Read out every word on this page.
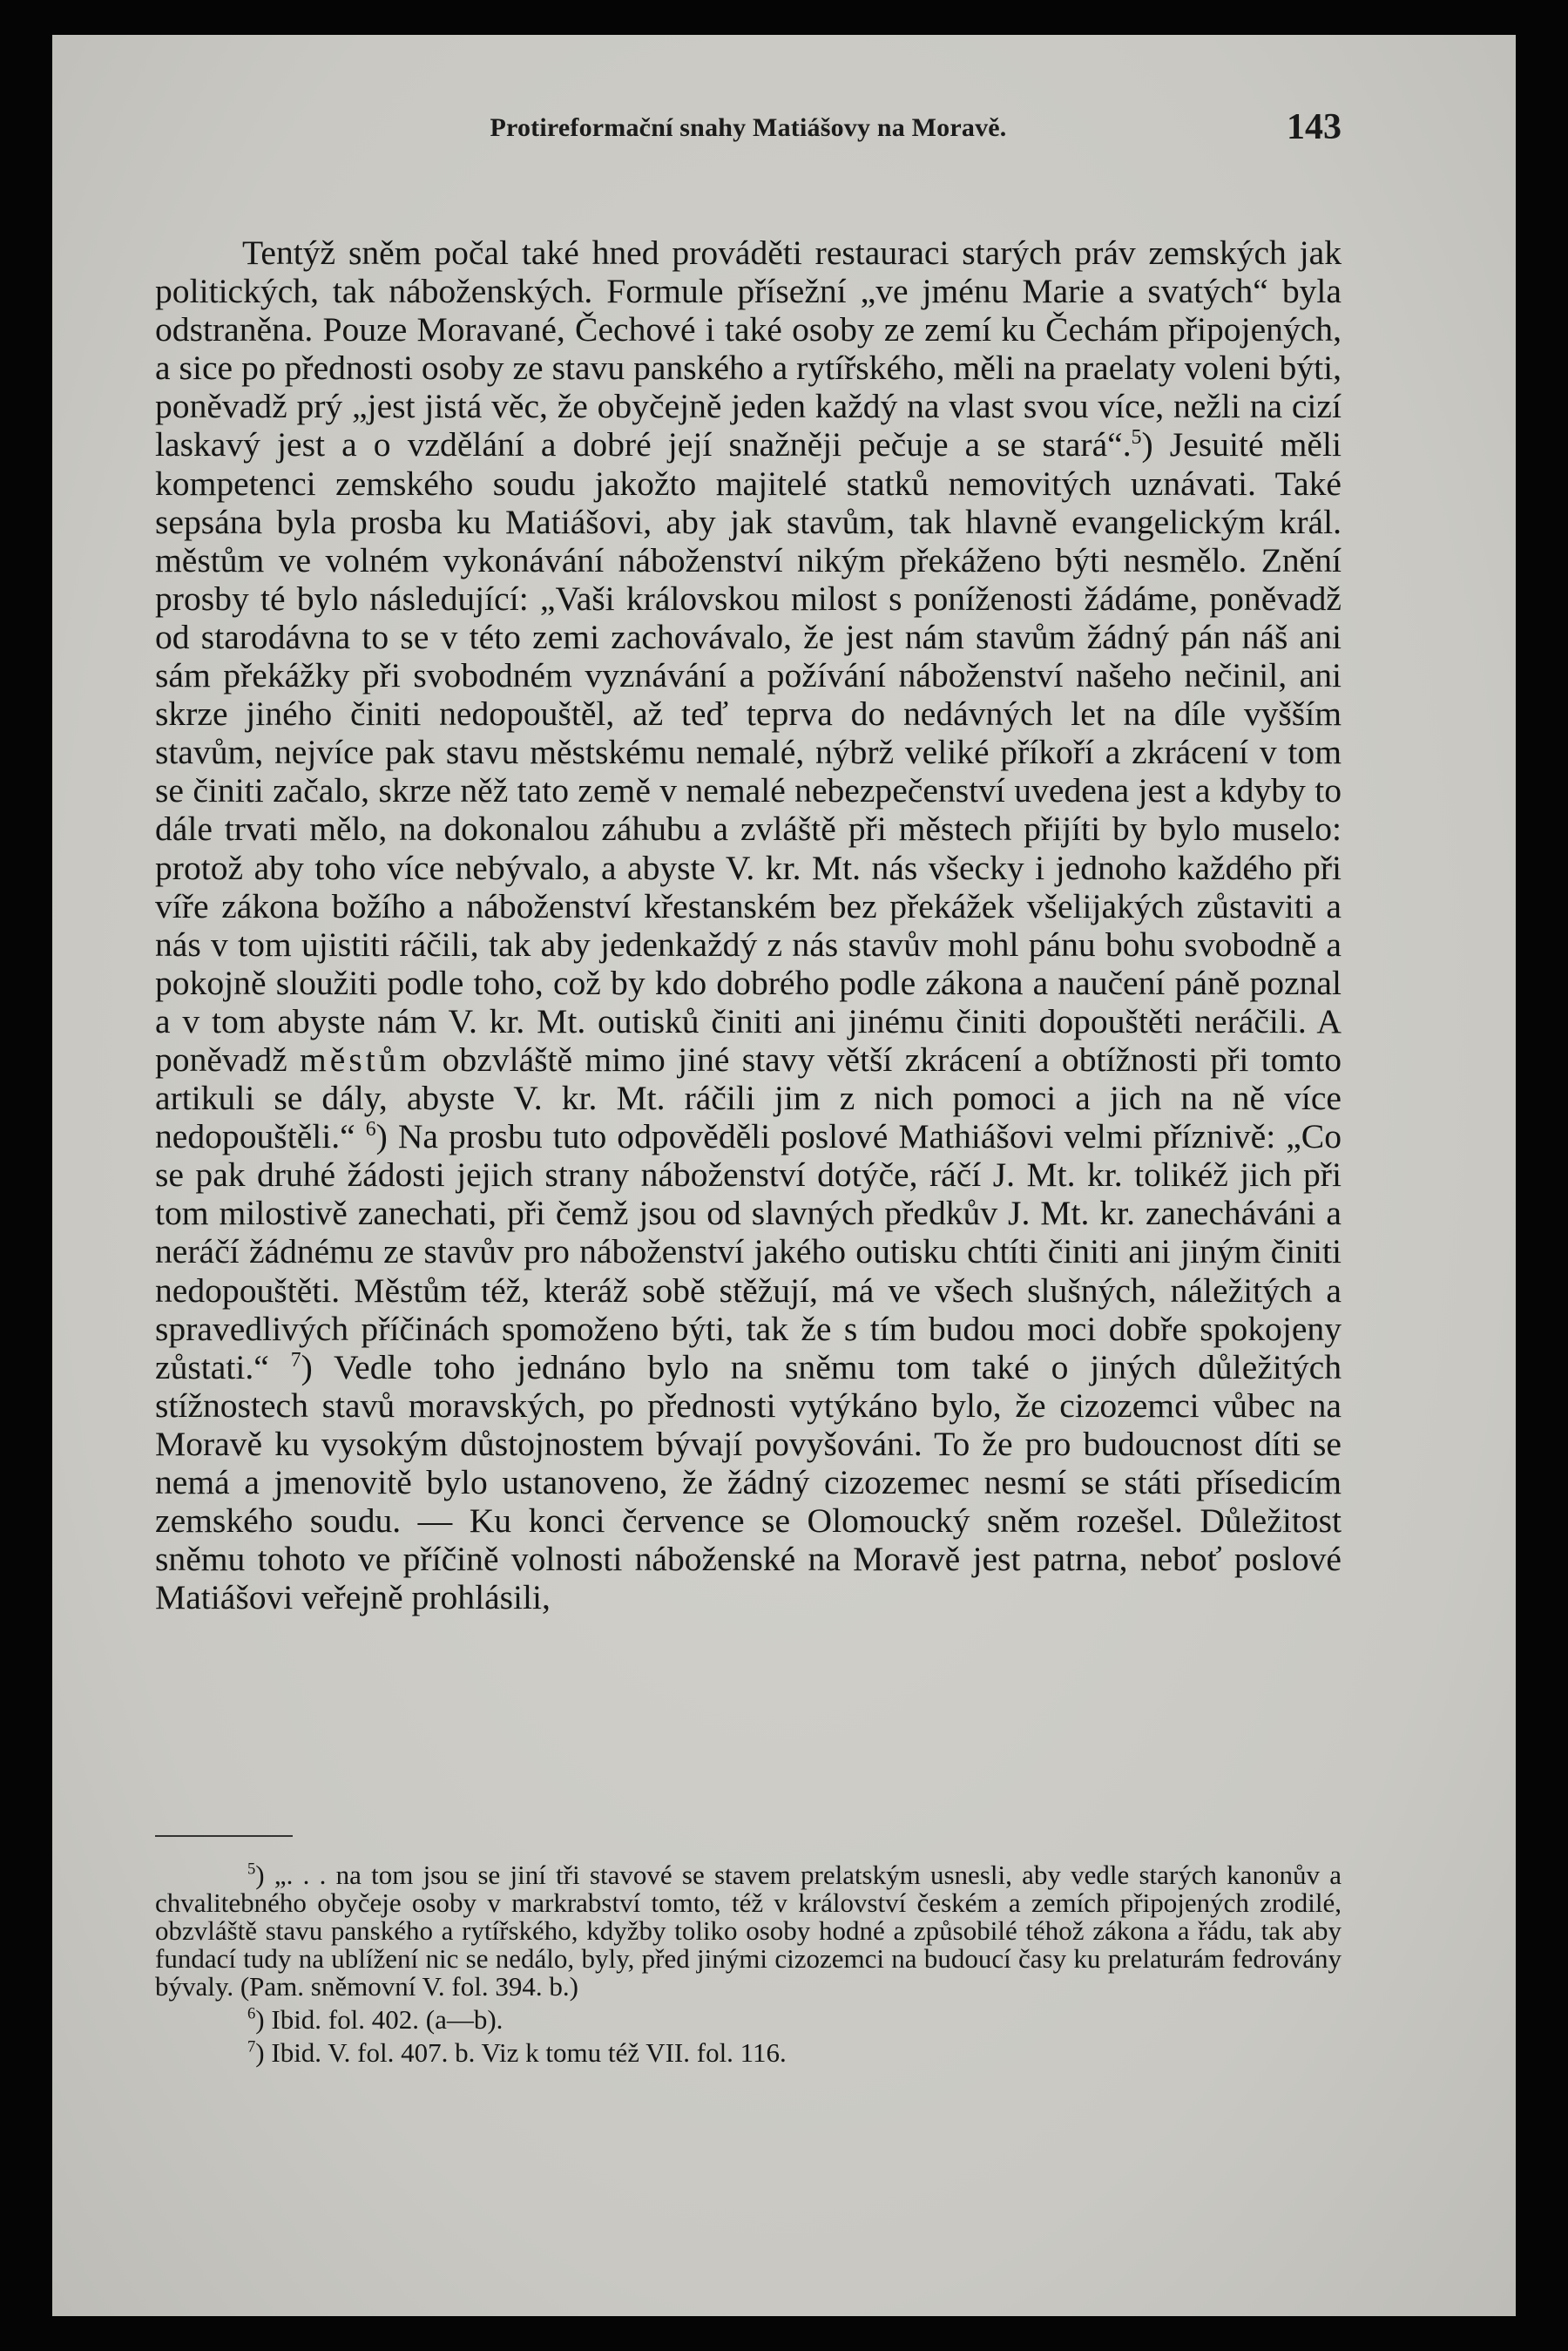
Protireformační snahy Matiášovy na Moravě.	143

Tentýž sněm počal také hned prováděti restauraci starých práv zemských jak politických, tak náboženských. Formule přísežní „ve jménu Marie a svatých“ byla odstraněna. Pouze Moravané, Čechové i také osoby ze zemí ku Čechám připojených, a sice po přednosti osoby ze stavu panského a rytířského, měli na praelaty voleni býti, poněvadž prý „jest jistá věc, že obyčejně jeden každý na vlast svou více, nežli na cizí laskavý jest a o vzdělání a dobré její snažněji pečuje a se stará“.$^5$) Jesuité měli kompetenci zemského soudu jakožto majitelé statků nemovitých uznávati. Také sepsána byla prosba ku Matiášovi, aby jak stavům, tak hlavně evangelickým král. městům ve volném vykonávání náboženství nikým překáženo býti nesmělo. Znění prosby té bylo následující: „Vaši královskou milost s poníženosti žádáme, poněvadž od starodávna to se v této zemi zachovávalo, že jest nám stavům žádný pán náš ani sám překážky při svobodném vyznávání a požívání náboženství našeho nečinil, ani skrze jiného činiti nedopouštěl, až teď teprva do nedávných let na díle vyšším stavům, nejvíce pak stavu městskému nemalé, nýbrž veliké příkoří a zkrácení v tom se činiti začalo, skrze něž tato země v nemalé nebezpečenství uvedena jest a kdyby to dále trvati mělo, na dokonalou záhubu a zvláště při městech přijíti by bylo muselo: protož aby toho více nebývalo, a abyste V. kr. Mt. nás všecky i jednoho každého při víře zákona božího a náboženství křestanském bez překážek všelijakých zůstaviti a nás v tom ujistiti ráčili, tak aby jedenkaždý z nás stavův mohl pánu bohu svobodně a pokojně sloužiti podle toho, což by kdo dobrého podle zákona a naučení páně poznal a v tom abyste nám V. kr. Mt. outisků činiti ani jinému činiti dopouštěti neráčili. A poněvadž městům obzvláště mimo jiné stavy větší zkrácení a obtížnosti při tomto artikuli se dály, abyste V. kr. Mt. ráčili jim z nich pomoci a jich na ně více nedopouštěli.“ $^6$) Na prosbu tuto odpověděli poslové Mathiášovi velmi příznivě: „Co se pak druhé žádosti jejich strany náboženství dotýče, ráčí J. Mt. kr. tolikéž jich při tom milostivě zanechati, při čemž jsou od slavných předkův J. Mt. kr. zanecháváni a neráčí žádnému ze stavův pro náboženství jakého outisku chtíti činiti ani jiným činiti nedopouštěti. Městům též, kteráž sobě stěžují, má ve všech slušných, náležitých a spravedlivých příčinách spomoženo býti, tak že s tím budou moci dobře spokojeny zůstati.“ $^7$) Vedle toho jednáno bylo na sněmu tom také o jiných důležitých stížnostech stavů moravských, po přednosti vytýkáno bylo, že cizozemci vůbec na Moravě ku vysokým důstojnostem bývají povyšováni. To že pro budoucnost díti se nemá a jmenovitě bylo ustanoveno, že žádný cizozemec nesmí se státi přísedicím zemského soudu. — Ku konci července se Olomoucký sněm rozešel. Důležitost sněmu tohoto ve příčině volnosti náboženské na Moravě jest patrna, neboť poslové Matiášovi veřejně prohlásili,

$^5$) „. . . na tom jsou se jiní tři stavové se stavem prelatským usnesli, aby vedle starých kanonův a chvalitebného obyčeje osoby v markrabství tomto, též v království českém a zemích připojených zrodilé, obzvláště stavu panského a rytířského, kdyžby toliko osoby hodné a způsobilé téhož zákona a řádu, tak aby fundací tudy na ublížení nic se nedálo, byly, před jinými cizozemci na budoucí časy ku prelaturám fedrovány bývaly. (Pam. sněmovní V. fol. 394. b.)

$^6$) Ibid. fol. 402. (a—b).

$^7$) Ibid. V. fol. 407. b. Viz k tomu též VII. fol. 116.
